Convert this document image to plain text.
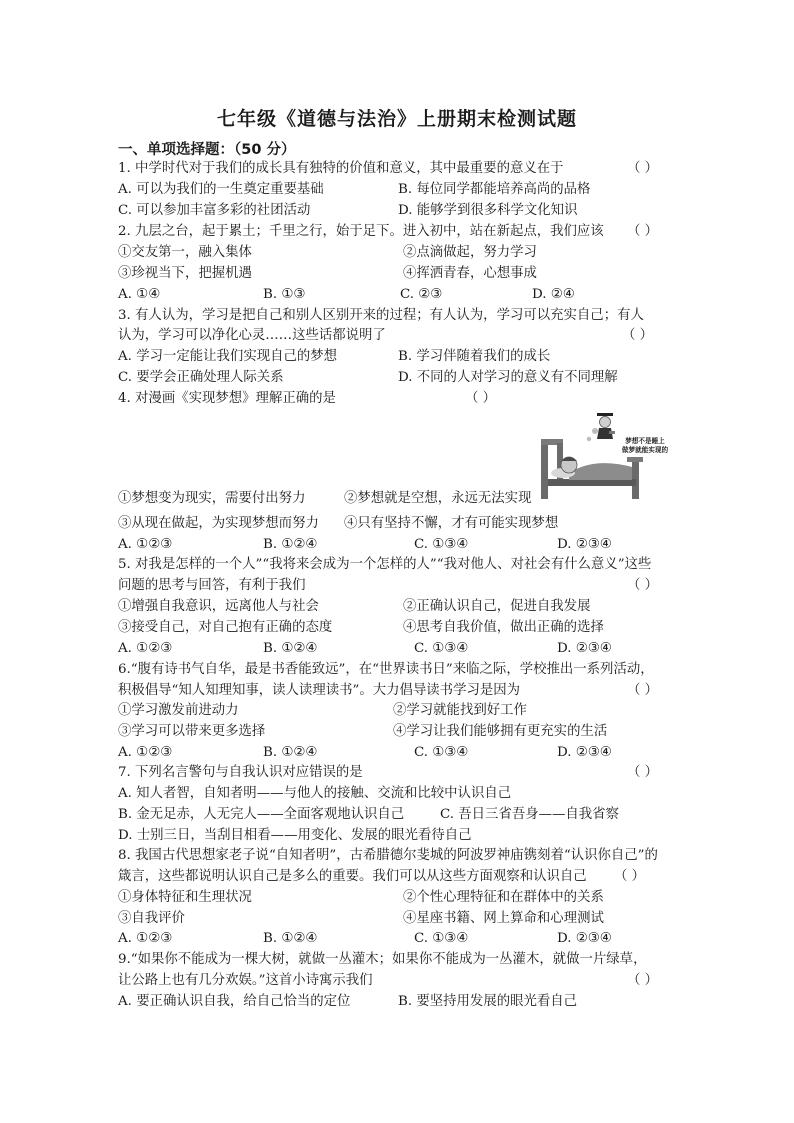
七年级《道德与法治》上册期末检测试题
一、单项选择题：（50 分）
1. 中学时代对于我们的成长具有独特的价值和意义，其中最重要的意义在于	（ ）
A. 可以为我们的一生奠定重要基础	B. 每位同学都能培养高尚的品格
C. 可以参加丰富多彩的社团活动	D. 能够学到很多科学文化知识
2. 九层之台，起于累土；千里之行，始于足下。进入初中，站在新起点，我们应该 （ ）
①交友第一，融入集体	②点滴做起，努力学习
③珍视当下，把握机遇	④挥洒青春，心想事成
A. ①④	B. ①③	C. ②③	D. ②④
3. 有人认为，学习是把自己和别人区别开来的过程；有人认为，学习可以充实自己；有人
认为，学习可以净化心灵……这些话都说明了	（ ）
A. 学习一定能让我们实现自己的梦想	B. 学习伴随着我们的成长
C. 要学会正确处理人际关系	D. 不同的人对学习的意义有不同理解
4. 对漫画《实现梦想》理解正确的是	（ ）
梦想不是睡上
做梦就能实现的
①梦想变为现实，需要付出努力	②梦想就是空想，永远无法实现
③从现在做起，为实现梦想而努力 ④只有坚持不懈，才有可能实现梦想
A. ①②③	B. ①②④	C. ①③④	D. ②③④
5. 对我是怎样的一个人”“我将来会成为一个怎样的人”“我对他人、对社会有什么意义”这些
问题的思考与回答，有利于我们	（ ）
①增强自我意识，远离他人与社会	②正确认识自己，促进自我发展
③接受自己，对自己抱有正确的态度	④思考自我价值，做出正确的选择
A. ①②③	B. ①②④	C. ①③④	D. ②③④
6.“腹有诗书气自华，最是书香能致远”，在“世界读书日”来临之际，学校推出一系列活动，
积极倡导“知人知理知事，读人读理读书”。大力倡导读书学习是因为	（ ）
①学习激发前进动力	②学习就能找到好工作
③学习可以带来更多选择	④学习让我们能够拥有更充实的生活
A. ①②③	B. ①②④	C. ①③④	D. ②③④
7. 下列名言警句与自我认识对应错误的是	（ ）
A. 知人者智，自知者明——与他人的接触、交流和比较中认识自己
B. 金无足赤，人无完人——全面客观地认识自己	C. 吾日三省吾身——自我省察
D. 士别三日，当刮目相看——用变化、发展的眼光看待自己
8. 我国古代思想家老子说“自知者明”，古希腊德尔斐城的阿波罗神庙镌刻着“认识你自己”的
箴言，这些都说明认识自己是多么的重要。我们可以从这些方面观察和认识自己 （ ）
①身体特征和生理状况	②个性心理特征和在群体中的关系
③自我评价	④星座书籍、网上算命和心理测试
A. ①②③	B. ①②④	C. ①③④	D. ②③④
9.“如果你不能成为一棵大树，就做一丛灌木；如果你不能成为一丛灌木，就做一片绿草，
让公路上也有几分欢娱。”这首小诗寓示我们	（ ）
A. 要正确认识自我，给自己恰当的定位	B. 要坚持用发展的眼光看自己
